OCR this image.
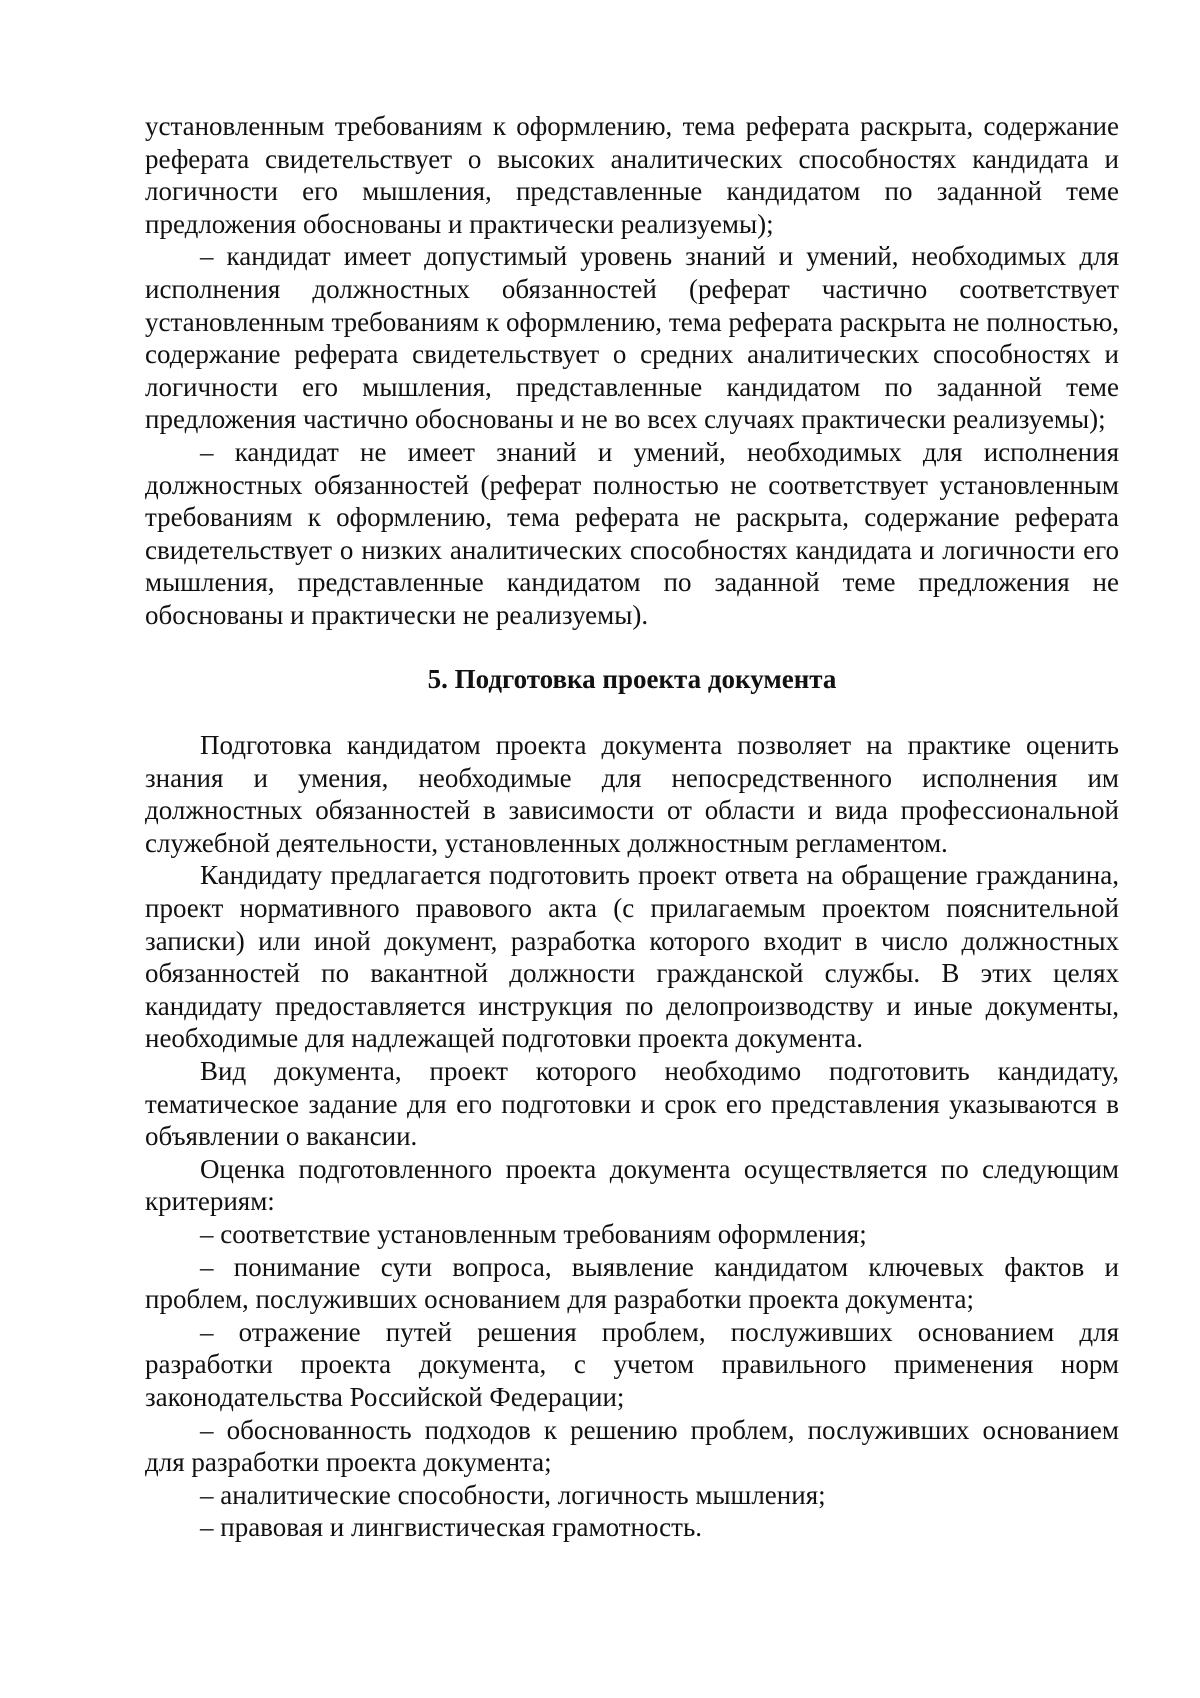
установленным требованиям к оформлению, тема реферата раскрыта, содержание реферата свидетельствует о высоких аналитических способностях кандидата и логичности его мышления, представленные кандидатом по заданной теме предложения обоснованы и практически реализуемы);

– кандидат имеет допустимый уровень знаний и умений, необходимых для исполнения должностных обязанностей (реферат частично соответствует установленным требованиям к оформлению, тема реферата раскрыта не полностью, содержание реферата свидетельствует о средних аналитических способностях и логичности его мышления, представленные кандидатом по заданной теме предложения частично обоснованы и не во всех случаях практически реализуемы);

– кандидат не имеет знаний и умений, необходимых для исполнения должностных обязанностей (реферат полностью не соответствует установленным требованиям к оформлению, тема реферата не раскрыта, содержание реферата свидетельствует о низких аналитических способностях кандидата и логичности его мышления, представленные кандидатом по заданной теме предложения не обоснованы и практически не реализуемы).

5. Подготовка проекта документа

Подготовка кандидатом проекта документа позволяет на практике оценить знания и умения, необходимые для непосредственного исполнения им должностных обязанностей в зависимости от области и вида профессиональной служебной деятельности, установленных должностным регламентом.

Кандидату предлагается подготовить проект ответа на обращение гражданина, проект нормативного правового акта (с прилагаемым проектом пояснительной записки) или иной документ, разработка которого входит в число должностных обязанностей по вакантной должности гражданской службы. В этих целях кандидату предоставляется инструкция по делопроизводству и иные документы, необходимые для надлежащей подготовки проекта документа.

Вид документа, проект которого необходимо подготовить кандидату, тематическое задание для его подготовки и срок его представления указываются в объявлении о вакансии.

Оценка подготовленного проекта документа осуществляется по следующим критериям:

– соответствие установленным требованиям оформления;

– понимание сути вопроса, выявление кандидатом ключевых фактов и проблем, послуживших основанием для разработки проекта документа;

– отражение путей решения проблем, послуживших основанием для разработки проекта документа, с учетом правильного применения норм законодательства Российской Федерации;

– обоснованность подходов к решению проблем, послуживших основанием для разработки проекта документа;

– аналитические способности, логичность мышления;

– правовая и лингвистическая грамотность.
